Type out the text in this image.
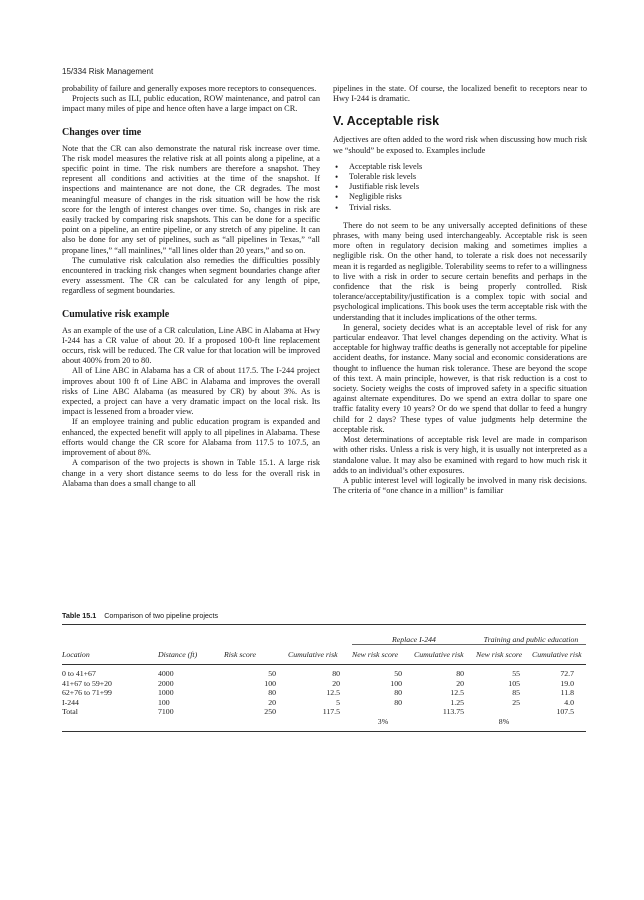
15/334 Risk Management

probability of failure and generally exposes more receptors to consequences.

Projects such as ILI, public education, ROW maintenance, and patrol can impact many miles of pipe and hence often have a large impact on CR.

Changes over time

Note that the CR can also demonstrate the natural risk increase over time. The risk model measures the relative risk at all points along a pipeline, at a specific point in time. The risk numbers are therefore a snapshot. They represent all conditions and activities at the time of the snapshot. If inspections and maintenance are not done, the CR degrades. The most meaningful measure of changes in the risk situation will be how the risk score for the length of interest changes over time. So, changes in risk are easily tracked by comparing risk snapshots. This can be done for a specific point on a pipeline, an entire pipeline, or any stretch of any pipeline. It can also be done for any set of pipelines, such as “all pipelines in Texas,” “all propane lines,” “all mainlines,” “all lines older than 20 years,” and so on.

The cumulative risk calculation also remedies the difficulties possibly encountered in tracking risk changes when segment boundaries change after every assessment. The CR can be calculated for any length of pipe, regardless of segment boundaries.

Cumulative risk example

As an example of the use of a CR calculation, Line ABC in Alabama at Hwy I-244 has a CR value of about 20. If a proposed 100-ft line replacement occurs, risk will be reduced. The CR value for that location will be improved about 400% from 20 to 80.

All of Line ABC in Alabama has a CR of about 117.5. The I-244 project improves about 100 ft of Line ABC in Alabama and improves the overall risks of Line ABC Alabama (as measured by CR) by about 3%. As is expected, a project can have a very dramatic impact on the local risk. Its impact is lessened from a broader view.

If an employee training and public education program is expanded and enhanced, the expected benefit will apply to all pipelines in Alabama. These efforts would change the CR score for Alabama from 117.5 to 107.5, an improvement of about 8%.

A comparison of the two projects is shown in Table 15.1. A large risk change in a very short distance seems to do less for the overall risk in Alabama than does a small change to all

pipelines in the state. Of course, the localized benefit to receptors near to Hwy I-244 is dramatic.

V. Acceptable risk

Adjectives are often added to the word risk when discussing how much risk we “should” be exposed to. Examples include

• Acceptable risk levels
• Tolerable risk levels
• Justifiable risk levels
• Negligible risks
• Trivial risks.

There do not seem to be any universally accepted definitions of these phrases, with many being used interchangeably. Acceptable risk is seen more often in regulatory decision making and sometimes implies a negligible risk. On the other hand, to tolerate a risk does not necessarily mean it is regarded as negligible. Tolerability seems to refer to a willingness to live with a risk in order to secure certain benefits and perhaps in the confidence that the risk is being properly controlled. Risk tolerance/acceptability/justification is a complex topic with social and psychological implications. This book uses the term acceptable risk with the understanding that it includes implications of the other terms.

In general, society decides what is an acceptable level of risk for any particular endeavor. That level changes depending on the activity. What is acceptable for highway traffic deaths is generally not acceptable for pipeline accident deaths, for instance. Many social and economic considerations are thought to influence the human risk tolerance. These are beyond the scope of this text. A main principle, however, is that risk reduction is a cost to society. Society weighs the costs of improved safety in a specific situation against alternate expenditures. Do we spend an extra dollar to spare one traffic fatality every 10 years? Or do we spend that dollar to feed a hungry child for 2 days? These types of value judgments help determine the acceptable risk.

Most determinations of acceptable risk level are made in comparison with other risks. Unless a risk is very high, it is usually not interpreted as a standalone value. It may also be examined with regard to how much risk it adds to an individual’s other exposures.

A public interest level will logically be involved in many risk decisions. The criteria of “one chance in a million” is familiar

Table 15.1 Comparison of two pipeline projects
				Replace I-244		Training and public education	
Location	Distance (ft)	Risk score	Cumulative risk	New risk score	Cumulative risk	New risk score	Cumulative risk
0 to 41+67	4000	50	80	50	80	55	72.7
41+67 to 59+20	2000	100	20	100	20	105	19.0
62+76 to 71+99	1000	80	12.5	80	12.5	85	11.8
I-244	100	20	5	80	1.25	25	4.0
Total	7100	250	117.5		113.75		107.5
				3%		8%	
